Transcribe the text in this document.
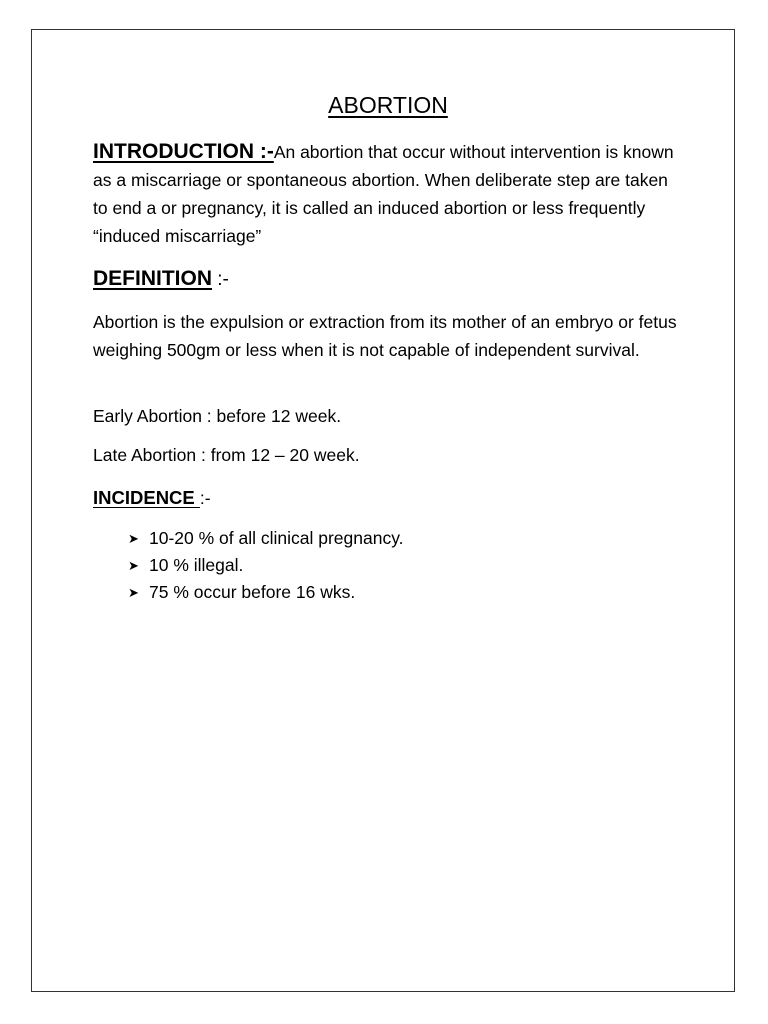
ABORTION
INTRODUCTION :-An abortion that occur without intervention is known as a miscarriage or spontaneous abortion. When deliberate step are taken to end a or pregnancy, it is called an induced abortion or less frequently “induced miscarriage”
DEFINITION :-
Abortion is the expulsion or extraction from its mother of an embryo or fetus weighing 500gm or less when it is not capable of independent survival.
Early Abortion : before 12 week.
Late Abortion : from 12 – 20 week.
INCIDENCE :-
➤ 10-20 % of all clinical pregnancy.
➤ 10 % illegal.
➤ 75 % occur before 16 wks.
